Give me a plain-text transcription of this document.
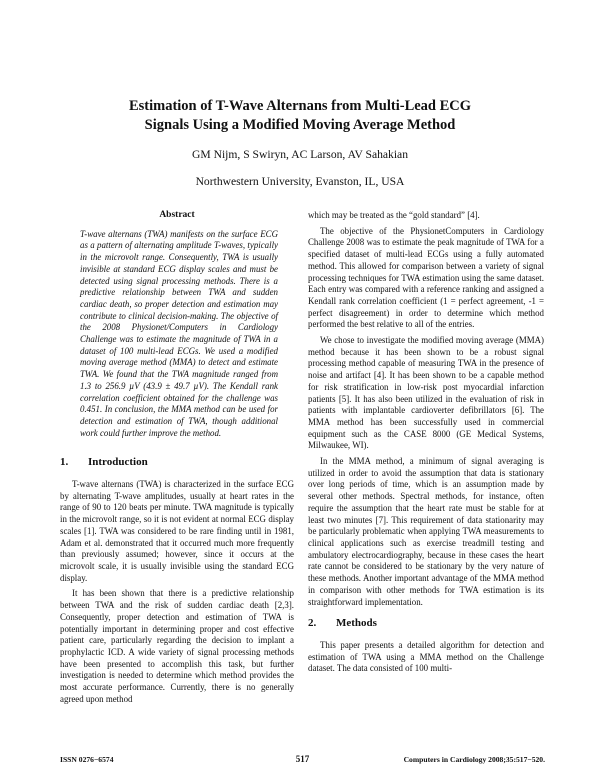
Estimation of T-Wave Alternans from Multi-Lead ECG
Signals Using a Modified Moving Average Method
GM Nijm, S Swiryn, AC Larson, AV Sahakian
Northwestern University, Evanston, IL, USA
Abstract
T-wave alternans (TWA) manifests on the surface ECG as a pattern of alternating amplitude T-waves, typically in the microvolt range. Consequently, TWA is usually invisible at standard ECG display scales and must be detected using signal processing methods. There is a predictive relationship between TWA and sudden cardiac death, so proper detection and estimation may contribute to clinical decision-making. The objective of the 2008 Physionet/Computers in Cardiology Challenge was to estimate the magnitude of TWA in a dataset of 100 multi-lead ECGs. We used a modified moving average method (MMA) to detect and estimate TWA. We found that the TWA magnitude ranged from 1.3 to 256.9 µV (43.9 ± 49.7 µV). The Kendall rank correlation coefficient obtained for the challenge was 0.451. In conclusion, the MMA method can be used for detection and estimation of TWA, though additional work could further improve the method.
1. Introduction

T-wave alternans (TWA) is characterized in the surface ECG by alternating T-wave amplitudes, usually at heart rates in the range of 90 to 120 beats per minute. TWA magnitude is typically in the microvolt range, so it is not evident at normal ECG display scales [1]. TWA was considered to be rare finding until in 1981, Adam et al. demonstrated that it occurred much more frequently than previously assumed; however, since it occurs at the microvolt scale, it is usually invisible using the standard ECG display.

It has been shown that there is a predictive relationship between TWA and the risk of sudden cardiac death [2,3]. Consequently, proper detection and estimation of TWA is potentially important in determining proper and cost effective patient care, particularly regarding the decision to implant a prophylactic ICD. A wide variety of signal processing methods have been presented to accomplish this task, but further investigation is needed to determine which method provides the most accurate performance. Currently, there is no generally agreed upon method

which may be treated as the “gold standard” [4].

The objective of the PhysionetComputers in Cardiology Challenge 2008 was to estimate the peak magnitude of TWA for a specified dataset of multi-lead ECGs using a fully automated method. This allowed for comparison between a variety of signal processing techniques for TWA estimation using the same dataset. Each entry was compared with a reference ranking and assigned a Kendall rank correlation coefficient (1 = perfect agreement, -1 = perfect disagreement) in order to determine which method performed the best relative to all of the entries.

We chose to investigate the modified moving average (MMA) method because it has been shown to be a robust signal processing method capable of measuring TWA in the presence of noise and artifact [4]. It has been shown to be a capable method for risk stratification in low-risk post myocardial infarction patients [5]. It has also been utilized in the evaluation of risk in patients with implantable cardioverter defibrillators [6]. The MMA method has been successfully used in commercial equipment such as the CASE 8000 (GE Medical Systems, Milwaukee, WI).

In the MMA method, a minimum of signal averaging is utilized in order to avoid the assumption that data is stationary over long periods of time, which is an assumption made by several other methods. Spectral methods, for instance, often require the assumption that the heart rate must be stable for at least two minutes [7]. This requirement of data stationarity may be particularly problematic when applying TWA measurements to clinical applications such as exercise treadmill testing and ambulatory electrocardiography, because in these cases the heart rate cannot be considered to be stationary by the very nature of these methods. Another important advantage of the MMA method in comparison with other methods for TWA estimation is its straightforward implementation.

2. Methods

This paper presents a detailed algorithm for detection and estimation of TWA using a MMA method on the Challenge dataset. The data consisted of 100 multi-

ISSN 0276−6574	517	Computers in Cardiology 2008;35:517−520.
